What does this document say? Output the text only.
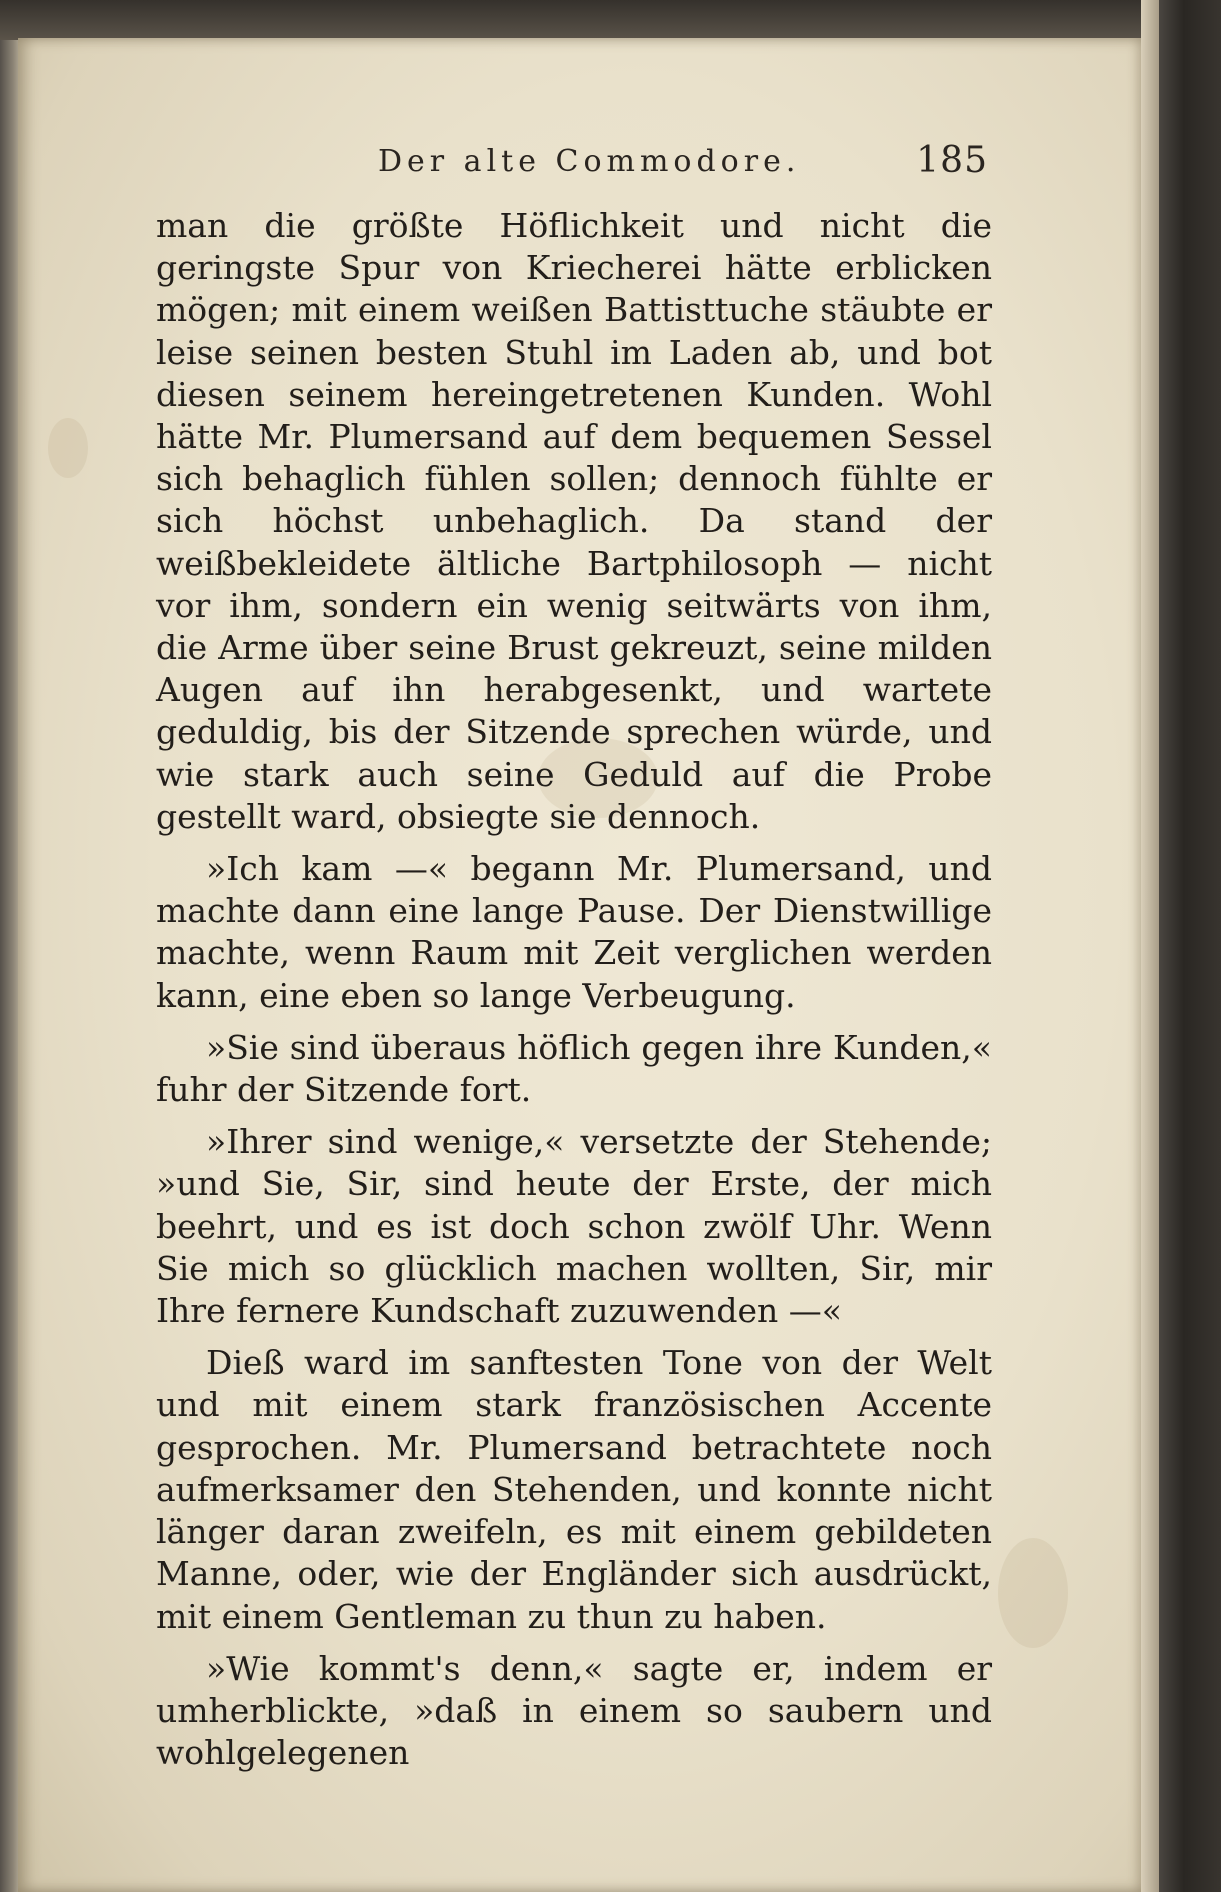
Der alte Commodore.	185

man die größte Höflichkeit und nicht die geringste Spur von Kriecherei hätte erblicken mögen; mit einem weißen Battisttuche stäubte er leise seinen besten Stuhl im Laden ab, und bot diesen seinem hereingetretenen Kunden. Wohl hätte Mr. Plumersand auf dem bequemen Sessel sich behaglich fühlen sollen; dennoch fühlte er sich höchst unbehaglich. Da stand der weißbekleidete ältliche Bartphilosoph — nicht vor ihm, sondern ein wenig seitwärts von ihm, die Arme über seine Brust gekreuzt, seine milden Augen auf ihn herabgesenkt, und wartete geduldig, bis der Sitzende sprechen würde, und wie stark auch seine Geduld auf die Probe gestellt ward, obsiegte sie dennoch.

»Ich kam —« begann Mr. Plumersand, und machte dann eine lange Pause. Der Dienstwillige machte, wenn Raum mit Zeit verglichen werden kann, eine eben so lange Verbeugung.

»Sie sind überaus höflich gegen ihre Kunden,« fuhr der Sitzende fort.

»Ihrer sind wenige,« versetzte der Stehende; »und Sie, Sir, sind heute der Erste, der mich beehrt, und es ist doch schon zwölf Uhr. Wenn Sie mich so glücklich machen wollten, Sir, mir Ihre fernere Kundschaft zuzuwenden —«

Dieß ward im sanftesten Tone von der Welt und mit einem stark französischen Accente gesprochen. Mr. Plumersand betrachtete noch aufmerksamer den Stehenden, und konnte nicht länger daran zweifeln, es mit einem gebildeten Manne, oder, wie der Engländer sich ausdrückt, mit einem Gentleman zu thun zu haben.

»Wie kommt's denn,« sagte er, indem er umherblickte, »daß in einem so saubern und wohlgelegenen
